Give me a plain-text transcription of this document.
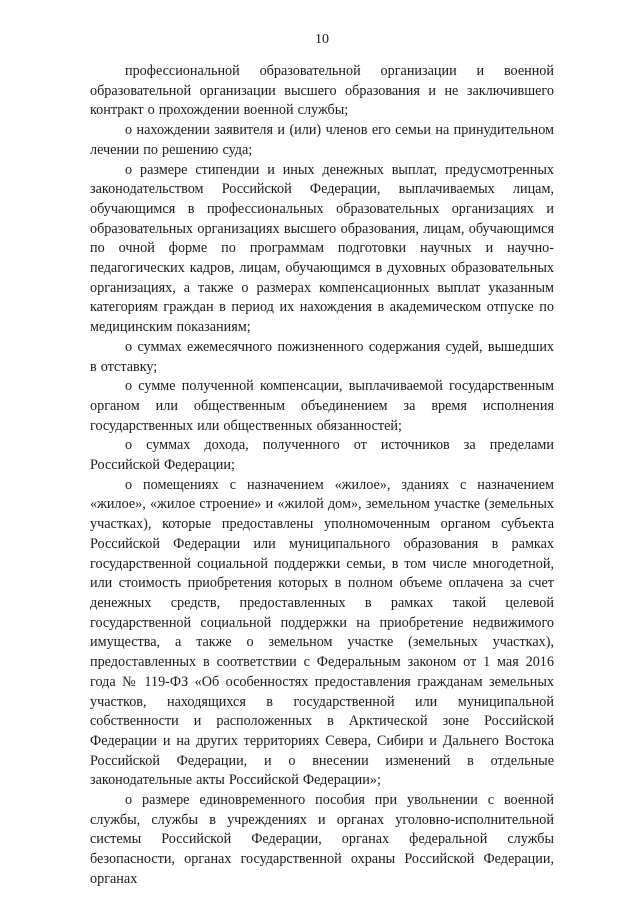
10

профессиональной образовательной организации и военной образовательной организации высшего образования и не заключившего контракт о прохождении военной службы;

о нахождении заявителя и (или) членов его семьи на принудительном лечении по решению суда;

о размере стипендии и иных денежных выплат, предусмотренных законодательством Российской Федерации, выплачиваемых лицам, обучающимся в профессиональных образовательных организациях и образовательных организациях высшего образования, лицам, обучающимся по очной форме по программам подготовки научных и научно-педагогических кадров, лицам, обучающимся в духовных образовательных организациях, а также о размерах компенсационных выплат указанным категориям граждан в период их нахождения в академическом отпуске по медицинским показаниям;

о суммах ежемесячного пожизненного содержания судей, вышедших в отставку;

о сумме полученной компенсации, выплачиваемой государственным органом или общественным объединением за время исполнения государственных или общественных обязанностей;

о суммах дохода, полученного от источников за пределами Российской Федерации;

о помещениях с назначением «жилое», зданиях с назначением «жилое», «жилое строение» и «жилой дом», земельном участке (земельных участках), которые предоставлены уполномоченным органом субъекта Российской Федерации или муниципального образования в рамках государственной социальной поддержки семьи, в том числе многодетной, или стоимость приобретения которых в полном объеме оплачена за счет денежных средств, предоставленных в рамках такой целевой государственной социальной поддержки на приобретение недвижимого имущества, а также о земельном участке (земельных участках), предоставленных в соответствии с Федеральным законом от 1 мая 2016 года № 119-ФЗ «Об особенностях предоставления гражданам земельных участков, находящихся в государственной или муниципальной собственности и расположенных в Арктической зоне Российской Федерации и на других территориях Севера, Сибири и Дальнего Востока Российской Федерации, и о внесении изменений в отдельные законодательные акты Российской Федерации»;

о размере единовременного пособия при увольнении с военной службы, службы в учреждениях и органах уголовно-исполнительной системы Российской Федерации, органах федеральной службы безопасности, органах государственной охраны Российской Федерации, органах
